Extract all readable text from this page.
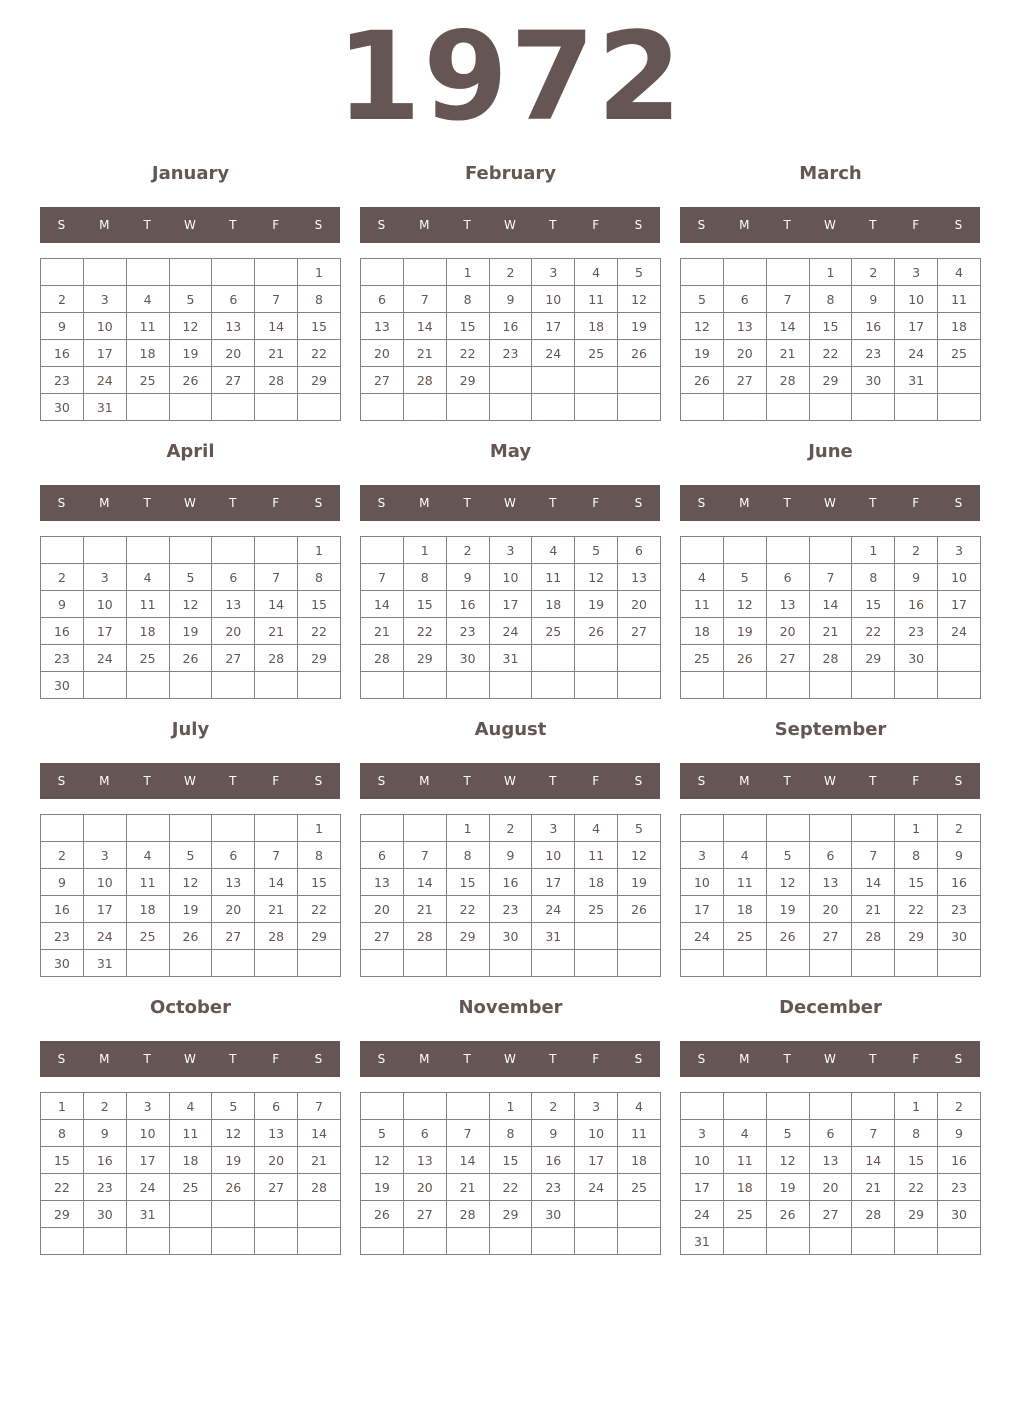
1972
January
S	M	T	W	T	F	S
						1
2	3	4	5	6	7	8
9	10	11	12	13	14	15
16	17	18	19	20	21	22
23	24	25	26	27	28	29
30	31					
February
S	M	T	W	T	F	S
		1	2	3	4	5
6	7	8	9	10	11	12
13	14	15	16	17	18	19
20	21	22	23	24	25	26
27	28	29				

March
S	M	T	W	T	F	S
			1	2	3	4
5	6	7	8	9	10	11
12	13	14	15	16	17	18
19	20	21	22	23	24	25
26	27	28	29	30	31	

April
S	M	T	W	T	F	S
						1
2	3	4	5	6	7	8
9	10	11	12	13	14	15
16	17	18	19	20	21	22
23	24	25	26	27	28	29
30						
May
S	M	T	W	T	F	S
	1	2	3	4	5	6
7	8	9	10	11	12	13
14	15	16	17	18	19	20
21	22	23	24	25	26	27
28	29	30	31			

June
S	M	T	W	T	F	S
				1	2	3
4	5	6	7	8	9	10
11	12	13	14	15	16	17
18	19	20	21	22	23	24
25	26	27	28	29	30	

July
S	M	T	W	T	F	S
						1
2	3	4	5	6	7	8
9	10	11	12	13	14	15
16	17	18	19	20	21	22
23	24	25	26	27	28	29
30	31					
August
S	M	T	W	T	F	S
		1	2	3	4	5
6	7	8	9	10	11	12
13	14	15	16	17	18	19
20	21	22	23	24	25	26
27	28	29	30	31		

September
S	M	T	W	T	F	S
					1	2
3	4	5	6	7	8	9
10	11	12	13	14	15	16
17	18	19	20	21	22	23
24	25	26	27	28	29	30

October
S	M	T	W	T	F	S
1	2	3	4	5	6	7
8	9	10	11	12	13	14
15	16	17	18	19	20	21
22	23	24	25	26	27	28
29	30	31				

November
S	M	T	W	T	F	S
			1	2	3	4
5	6	7	8	9	10	11
12	13	14	15	16	17	18
19	20	21	22	23	24	25
26	27	28	29	30		

December
S	M	T	W	T	F	S
					1	2
3	4	5	6	7	8	9
10	11	12	13	14	15	16
17	18	19	20	21	22	23
24	25	26	27	28	29	30
31						
